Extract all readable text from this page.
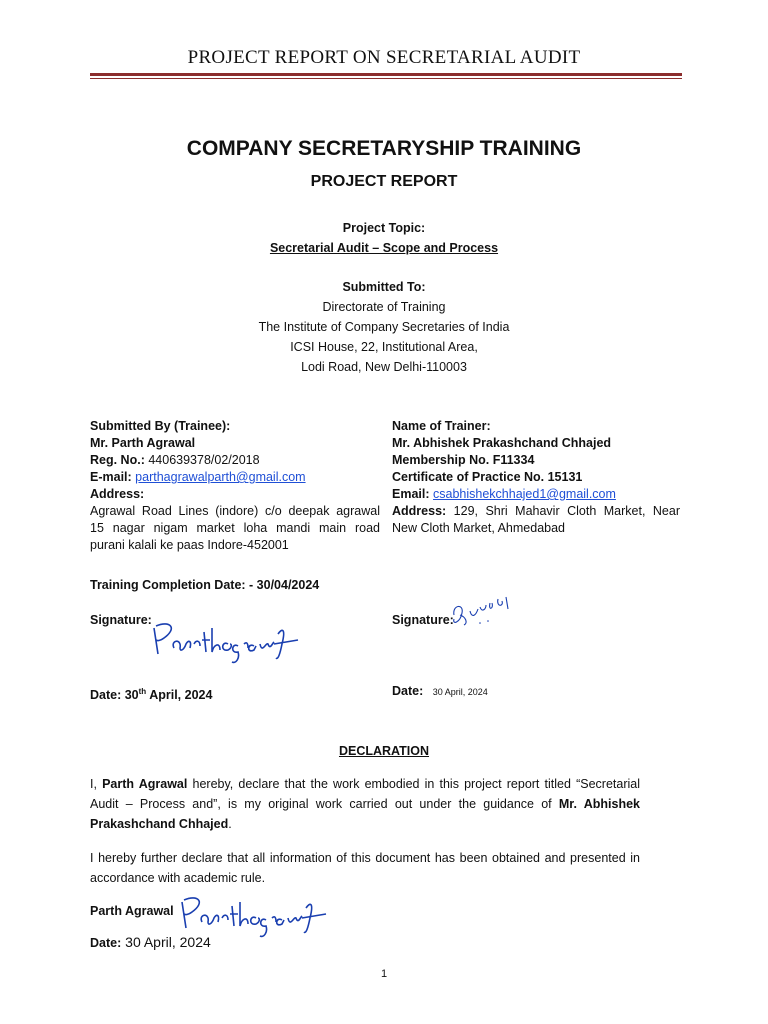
PROJECT REPORT ON SECRETARIAL AUDIT
COMPANY SECRETARYSHIP TRAINING
PROJECT REPORT
Project Topic:
Secretarial Audit – Scope and Process
Submitted To:
Directorate of Training
The Institute of Company Secretaries of India
ICSI House, 22, Institutional Area,
Lodi Road, New Delhi-110003
Submitted By (Trainee):
Mr. Parth Agrawal
Reg. No.: 440639378/02/2018
E-mail: parthagrawalparth@gmail.com
Address:
Agrawal Road Lines (indore) c/o deepak agrawal
15 nagar nigam market loha mandi main road
purani kalali ke paas Indore-452001
Name of Trainer:
Mr. Abhishek Prakashchand Chhajed
Membership No. F11334
Certificate of Practice No. 15131
Email: csabhishekchhajed1@gmail.com
Address: 129, Shri Mahavir Cloth Market, Near
New Cloth Market, Ahmedabad
Training Completion Date: - 30/04/2024
Signature:	Signature:
Date: 30th April, 2024	Date: 30 April, 2024
DECLARATION
I, Parth Agrawal hereby, declare that the work embodied in this project report titled “Secretarial Audit – Process and”, is my original work carried out under the guidance of Mr. Abhishek Prakashchand Chhajed.
I hereby further declare that all information of this document has been obtained and presented in accordance with academic rule.
Parth Agrawal
Date: 30 April, 2024
1
